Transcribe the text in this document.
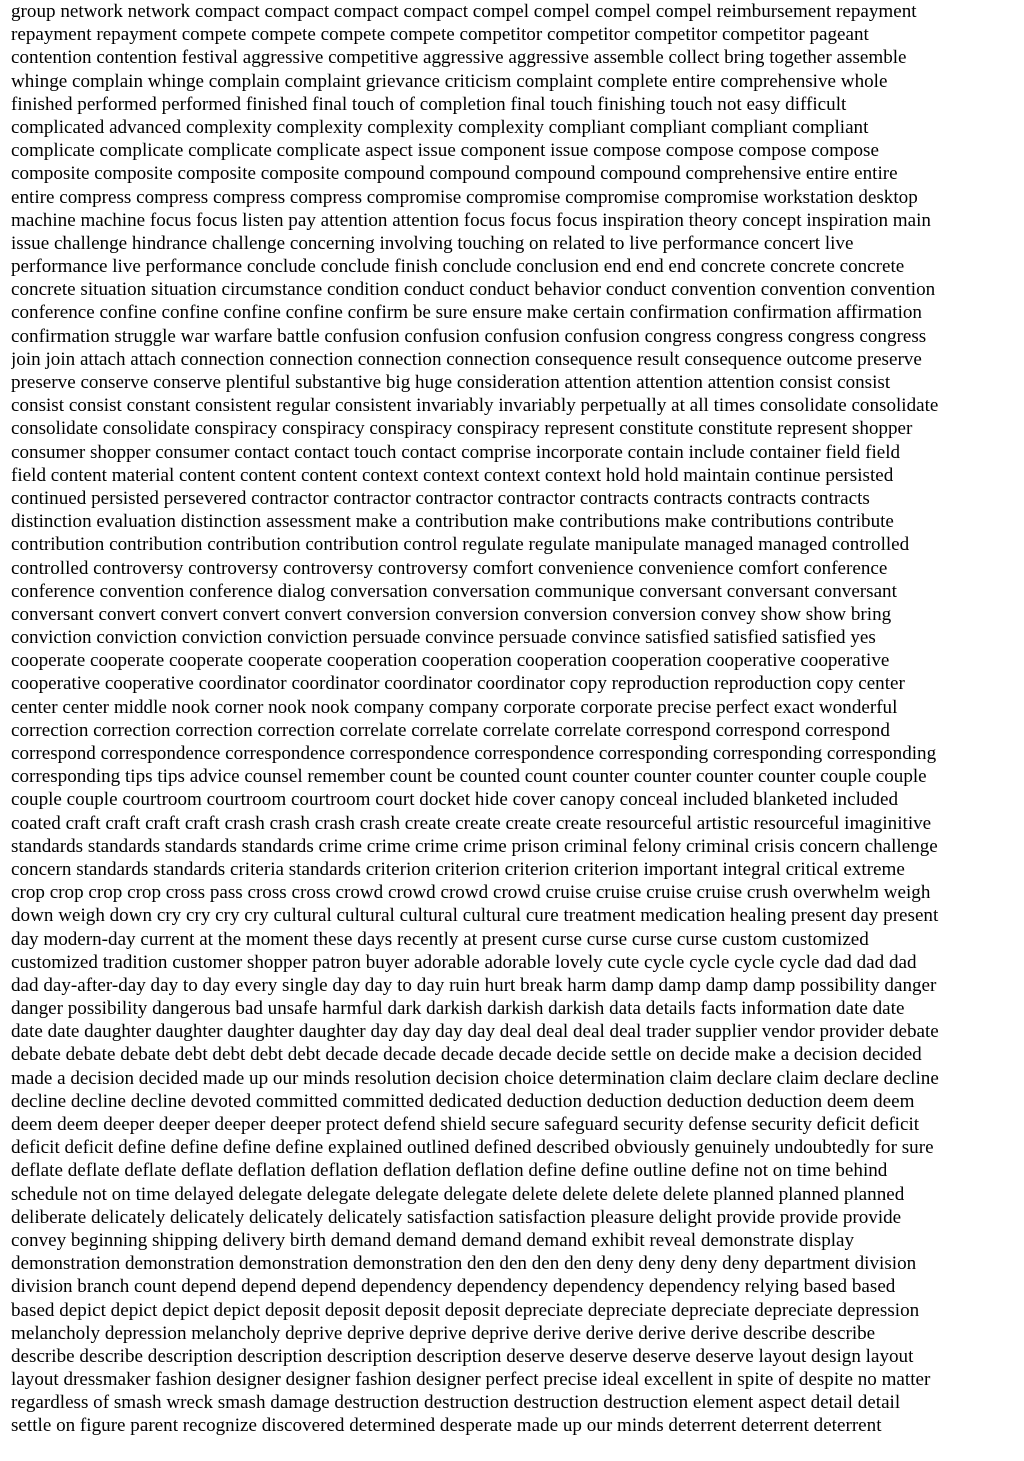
group network network compact compact compact compact compel compel compel compel reimbursement repayment
repayment repayment compete compete compete compete competitor competitor competitor competitor pageant
contention contention festival aggressive competitive aggressive aggressive assemble collect bring together assemble
whinge complain whinge complain complaint grievance criticism complaint complete entire comprehensive whole
finished performed performed finished final touch of completion final touch finishing touch not easy difficult
complicated advanced complexity complexity complexity complexity compliant compliant compliant compliant
complicate complicate complicate complicate aspect issue component issue compose compose compose compose
composite composite composite composite compound compound compound compound comprehensive entire entire
entire compress compress compress compress compromise compromise compromise compromise workstation desktop
machine machine focus focus listen pay attention attention focus focus focus inspiration theory concept inspiration main
issue challenge hindrance challenge concerning involving touching on related to live performance concert live
performance live performance conclude conclude finish conclude conclusion end end end concrete concrete concrete
concrete situation situation circumstance condition conduct conduct behavior conduct convention convention convention
conference confine confine confine confine confirm be sure ensure make certain confirmation confirmation affirmation
confirmation struggle war warfare battle confusion confusion confusion confusion congress congress congress congress
join join attach attach connection connection connection connection consequence result consequence outcome preserve
preserve conserve conserve plentiful substantive big huge consideration attention attention attention consist consist
consist consist constant consistent regular consistent invariably invariably perpetually at all times consolidate consolidate
consolidate consolidate conspiracy conspiracy conspiracy conspiracy represent constitute constitute represent shopper
consumer shopper consumer contact contact touch contact comprise incorporate contain include container field field
field content material content content content context context context context hold hold maintain continue persisted
continued persisted persevered contractor contractor contractor contractor contracts contracts contracts contracts
distinction evaluation distinction assessment make a contribution make contributions make contributions contribute
contribution contribution contribution contribution control regulate regulate manipulate managed managed controlled
controlled controversy controversy controversy controversy comfort convenience convenience comfort conference
conference convention conference dialog conversation conversation communique conversant conversant conversant
conversant convert convert convert convert conversion conversion conversion conversion convey show show bring
conviction conviction conviction conviction persuade convince persuade convince satisfied satisfied satisfied yes
cooperate cooperate cooperate cooperate cooperation cooperation cooperation cooperation cooperative cooperative
cooperative cooperative coordinator coordinator coordinator coordinator copy reproduction reproduction copy center
center center middle nook corner nook nook company company corporate corporate precise perfect exact wonderful
correction correction correction correction correlate correlate correlate correlate correspond correspond correspond
correspond correspondence correspondence correspondence correspondence corresponding corresponding corresponding
corresponding tips tips advice counsel remember count be counted count counter counter counter counter couple couple
couple couple courtroom courtroom courtroom court docket hide cover canopy conceal included blanketed included
coated craft craft craft craft crash crash crash crash create create create create resourceful artistic resourceful imaginitive
standards standards standards standards crime crime crime crime prison criminal felony criminal crisis concern challenge
concern standards standards criteria standards criterion criterion criterion criterion important integral critical extreme
crop crop crop crop cross pass cross cross crowd crowd crowd crowd cruise cruise cruise cruise crush overwhelm weigh
down weigh down cry cry cry cry cultural cultural cultural cultural cure treatment medication healing present day present
day modern-day current at the moment these days recently at present curse curse curse curse custom customized
customized tradition customer shopper patron buyer adorable adorable lovely cute cycle cycle cycle cycle dad dad dad
dad day-after-day day to day every single day day to day ruin hurt break harm damp damp damp damp possibility danger
danger possibility dangerous bad unsafe harmful dark darkish darkish darkish data details facts information date date
date date daughter daughter daughter daughter day day day day deal deal deal deal trader supplier vendor provider debate
debate debate debate debt debt debt debt decade decade decade decade decide settle on decide make a decision decided
made a decision decided made up our minds resolution decision choice determination claim declare claim declare decline
decline decline decline devoted committed committed dedicated deduction deduction deduction deduction deem deem
deem deem deeper deeper deeper deeper protect defend shield secure safeguard security defense security deficit deficit
deficit deficit define define define define explained outlined defined described obviously genuinely undoubtedly for sure
deflate deflate deflate deflate deflation deflation deflation deflation define define outline define not on time behind
schedule not on time delayed delegate delegate delegate delegate delete delete delete delete planned planned planned
deliberate delicately delicately delicately delicately satisfaction satisfaction pleasure delight provide provide provide
convey beginning shipping delivery birth demand demand demand demand exhibit reveal demonstrate display
demonstration demonstration demonstration demonstration den den den den deny deny deny deny department division
division branch count depend depend depend dependency dependency dependency dependency relying based based
based depict depict depict depict deposit deposit deposit deposit depreciate depreciate depreciate depreciate depression
melancholy depression melancholy deprive deprive deprive deprive derive derive derive derive describe describe
describe describe description description description description deserve deserve deserve deserve layout design layout
layout dressmaker fashion designer designer fashion designer perfect precise ideal excellent in spite of despite no matter
regardless of smash wreck smash damage destruction destruction destruction destruction element aspect detail detail
settle on figure parent recognize discovered determined desperate made up our minds deterrent deterrent deterrent
